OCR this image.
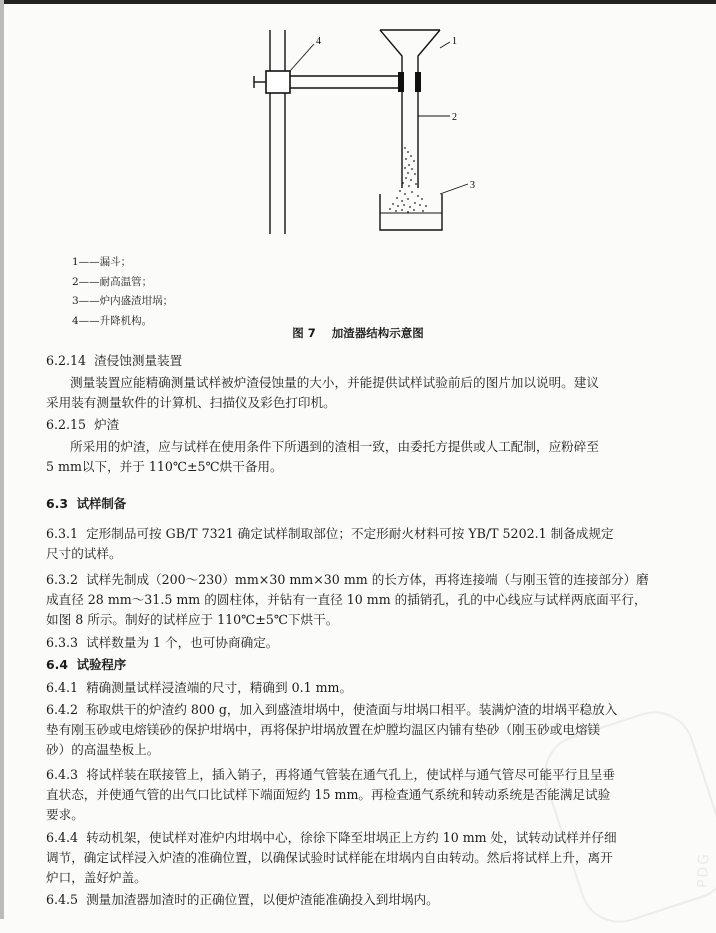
1
2
3
4
1——漏斗；
2——耐高温管；
3——炉内盛渣坩埚；
4——升降机构。
图 7 加渣器结构示意图
6.2.14 渣侵蚀测量装置
测量装置应能精确测量试样被炉渣侵蚀量的大小，并能提供试样试验前后的图片加以说明。建议
采用装有测量软件的计算机、扫描仪及彩色打印机。
6.2.15 炉渣
所采用的炉渣，应与试样在使用条件下所遇到的渣相一致，由委托方提供或人工配制，应粉碎至
5 mm以下，并于 110℃±5℃烘干备用。
6.3 试样制备
6.3.1 定形制品可按 GB/T 7321 确定试样制取部位；不定形耐火材料可按 YB/T 5202.1 制备成规定
尺寸的试样。
6.3.2 试样先制成（200～230）mm×30 mm×30 mm 的长方体，再将连接端（与刚玉管的连接部分）磨
成直径 28 mm～31.5 mm 的圆柱体，并钻有一直径 10 mm 的插销孔，孔的中心线应与试样两底面平行，
如图 8 所示。制好的试样应于 110℃±5℃下烘干。
6.3.3 试样数量为 1 个，也可协商确定。
6.4 试验程序
6.4.1 精确测量试样浸渣端的尺寸，精确到 0.1 mm。
6.4.2 称取烘干的炉渣约 800 g，加入到盛渣坩埚中，使渣面与坩埚口相平。装满炉渣的坩埚平稳放入
垫有刚玉砂或电熔镁砂的保护坩埚中，再将保护坩埚放置在炉膛均温区内铺有垫砂（刚玉砂或电熔镁
砂）的高温垫板上。
6.4.3 将试样装在联接管上，插入销子，再将通气管装在通气孔上，使试样与通气管尽可能平行且呈垂
直状态，并使通气管的出气口比试样下端面短约 15 mm。再检查通气系统和转动系统是否能满足试验
要求。
6.4.4 转动机架，使试样对准炉内坩埚中心，徐徐下降至坩埚正上方约 10 mm 处，试转动试样并仔细
调节，确定试样浸入炉渣的准确位置，以确保试验时试样能在坩埚内自由转动。然后将试样上升，离开
炉口，盖好炉盖。
6.4.5 测量加渣器加渣时的正确位置，以便炉渣能准确投入到坩埚内。
PDG
